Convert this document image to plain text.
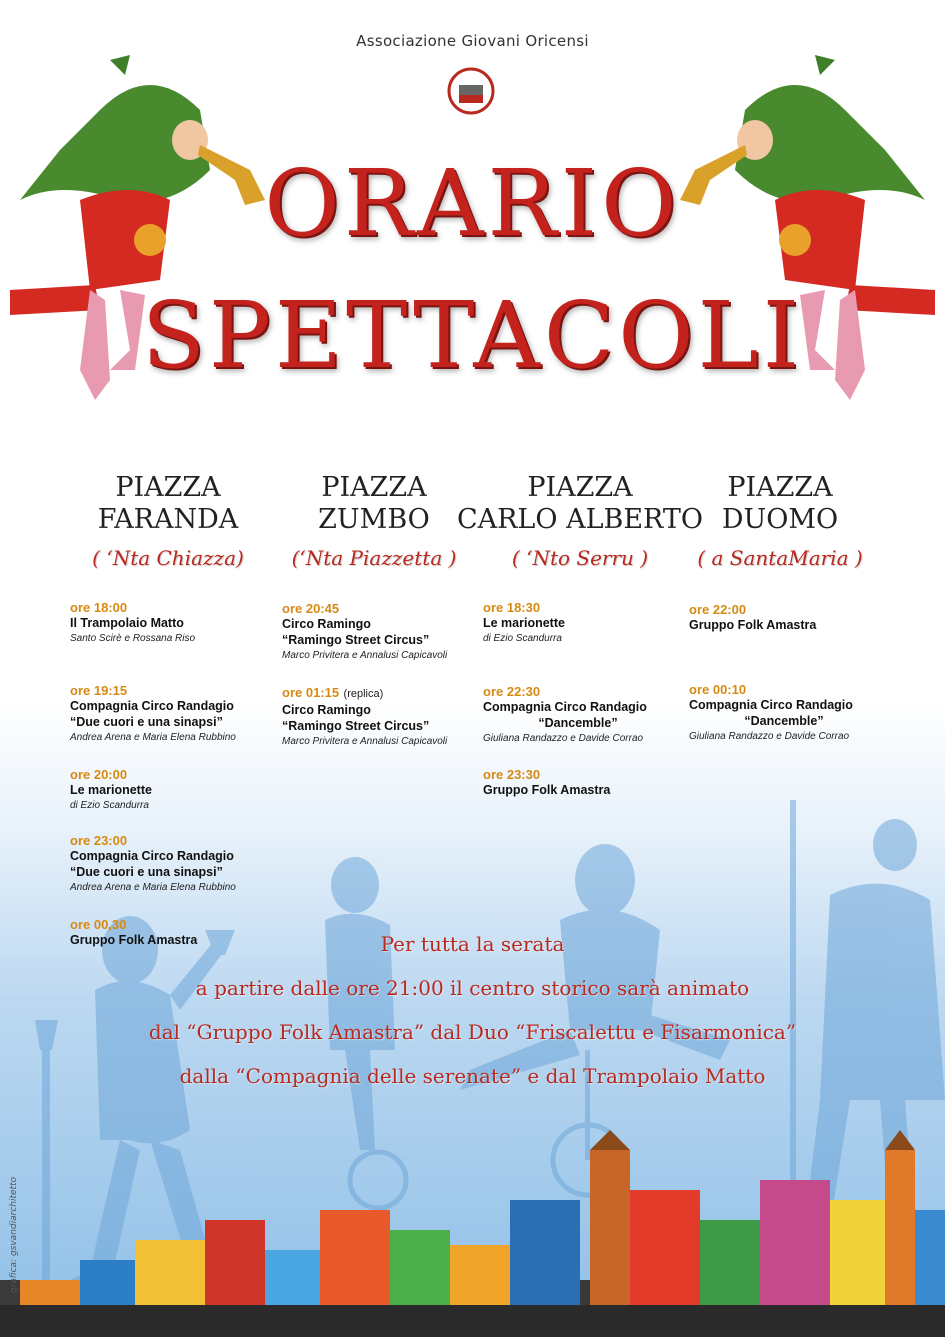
Associazione Giovani Oricensi
ORARIO
SPETTACOLI
PIAZZA
FARANDA
( ‘Nta Chiazza)
PIAZZA
ZUMBO
(‘Nta Piazzetta )
PIAZZA
CARLO ALBERTO
( ‘Nto Serru )
PIAZZA
DUOMO
( a SantaMaria )
ore 18:00
Il Trampolaio Matto
Santo Scirè e Rossana Riso
ore 19:15
Compagnia Circo Randagio
“Due cuori e una sinapsi”
Andrea Arena e Maria Elena Rubbino
ore 20:00
Le marionette
di Ezio Scandurra
ore 23:00
Compagnia Circo Randagio
“Due cuori e una sinapsi”
Andrea Arena e Maria Elena Rubbino
ore 00,30
Gruppo Folk Amastra
ore 20:45
Circo Ramingo
“Ramingo Street Circus”
Marco Privitera e Annalusi Capicavoli
ore 01:15 (replica)
Circo Ramingo
“Ramingo Street Circus”
Marco Privitera e Annalusi Capicavoli
ore 18:30
Le marionette
di Ezio Scandurra
ore 22:30
Compagnia Circo Randagio
“Dancemble”
Giuliana Randazzo e Davide Corrao
ore 23:30
Gruppo Folk Amastra
ore 22:00
Gruppo Folk Amastra
ore 00:10
Compagnia Circo Randagio
“Dancemble”
Giuliana Randazzo e Davide Corrao
Per tutta la serata
a partire dalle ore 21:00 il centro storico sarà animato
dal “Gruppo Folk Amastra” dal Duo “Friscalettu e Fisarmonica”
dalla “Compagnia delle serenate” e dal Trampolaio Matto
grafica: gsvandiarchitetto
